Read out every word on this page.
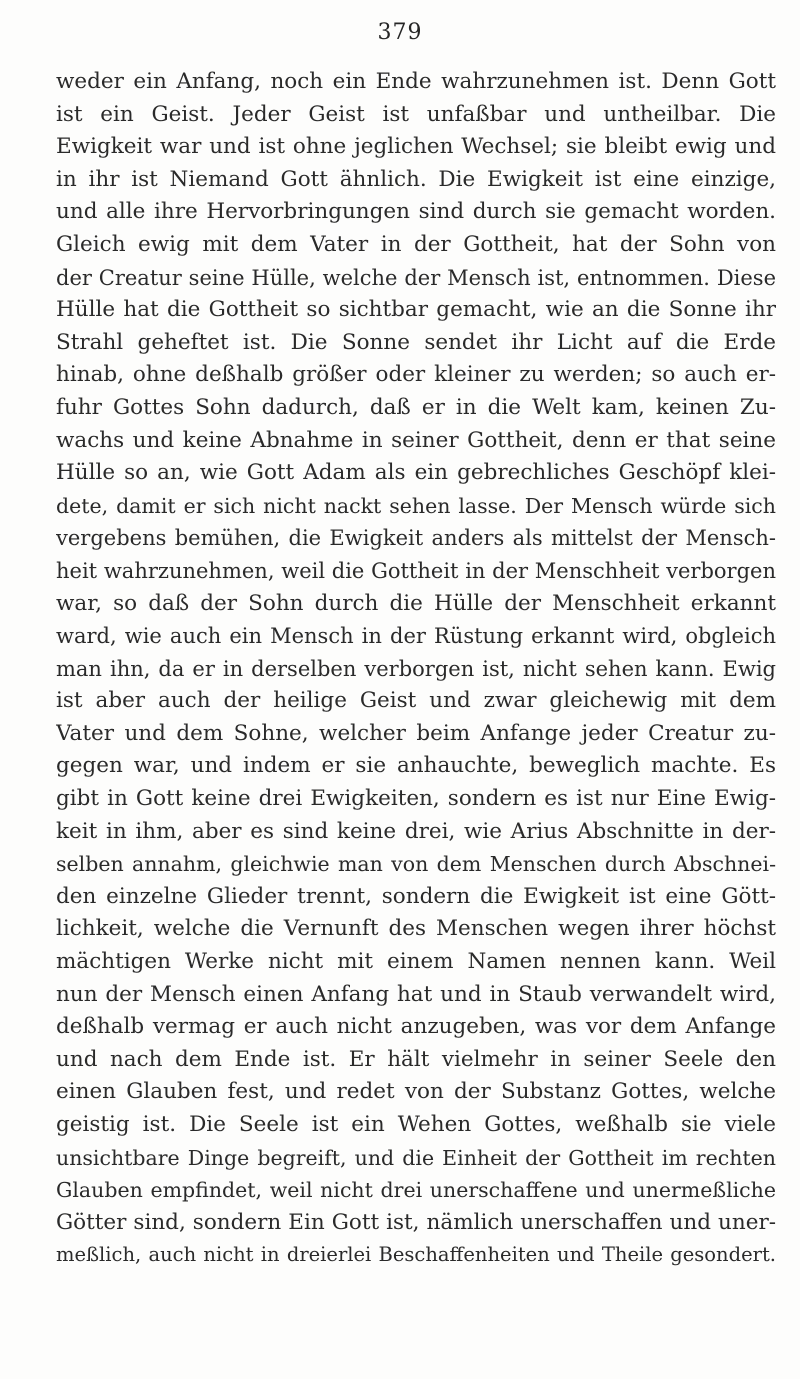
379
weder ein Anfang, noch ein Ende wahrzunehmen ist. Denn Gott
ist ein Geist. Jeder Geist ist unfaßbar und untheilbar. Die
Ewigkeit war und ist ohne jeglichen Wechsel; sie bleibt ewig und
in ihr ist Niemand Gott ähnlich. Die Ewigkeit ist eine einzige,
und alle ihre Hervorbringungen sind durch sie gemacht worden.
Gleich ewig mit dem Vater in der Gottheit, hat der Sohn von
der Creatur seine Hülle, welche der Mensch ist, entnommen. Diese
Hülle hat die Gottheit so sichtbar gemacht, wie an die Sonne ihr
Strahl geheftet ist. Die Sonne sendet ihr Licht auf die Erde
hinab, ohne deßhalb größer oder kleiner zu werden; so auch er-
fuhr Gottes Sohn dadurch, daß er in die Welt kam, keinen Zu-
wachs und keine Abnahme in seiner Gottheit, denn er that seine
Hülle so an, wie Gott Adam als ein gebrechliches Geschöpf klei-
dete, damit er sich nicht nackt sehen lasse. Der Mensch würde sich
vergebens bemühen, die Ewigkeit anders als mittelst der Mensch-
heit wahrzunehmen, weil die Gottheit in der Menschheit verborgen
war, so daß der Sohn durch die Hülle der Menschheit erkannt
ward, wie auch ein Mensch in der Rüstung erkannt wird, obgleich
man ihn, da er in derselben verborgen ist, nicht sehen kann. Ewig
ist aber auch der heilige Geist und zwar gleichewig mit dem
Vater und dem Sohne, welcher beim Anfange jeder Creatur zu-
gegen war, und indem er sie anhauchte, beweglich machte. Es
gibt in Gott keine drei Ewigkeiten, sondern es ist nur Eine Ewig-
keit in ihm, aber es sind keine drei, wie Arius Abschnitte in der-
selben annahm, gleichwie man von dem Menschen durch Abschnei-
den einzelne Glieder trennt, sondern die Ewigkeit ist eine Gött-
lichkeit, welche die Vernunft des Menschen wegen ihrer höchst
mächtigen Werke nicht mit einem Namen nennen kann. Weil
nun der Mensch einen Anfang hat und in Staub verwandelt wird,
deßhalb vermag er auch nicht anzugeben, was vor dem Anfange
und nach dem Ende ist. Er hält vielmehr in seiner Seele den
einen Glauben fest, und redet von der Substanz Gottes, welche
geistig ist. Die Seele ist ein Wehen Gottes, weßhalb sie viele
unsichtbare Dinge begreift, und die Einheit der Gottheit im rechten
Glauben empfindet, weil nicht drei unerschaffene und unermeßliche
Götter sind, sondern Ein Gott ist, nämlich unerschaffen und uner-
meßlich, auch nicht in dreierlei Beschaffenheiten und Theile gesondert.
